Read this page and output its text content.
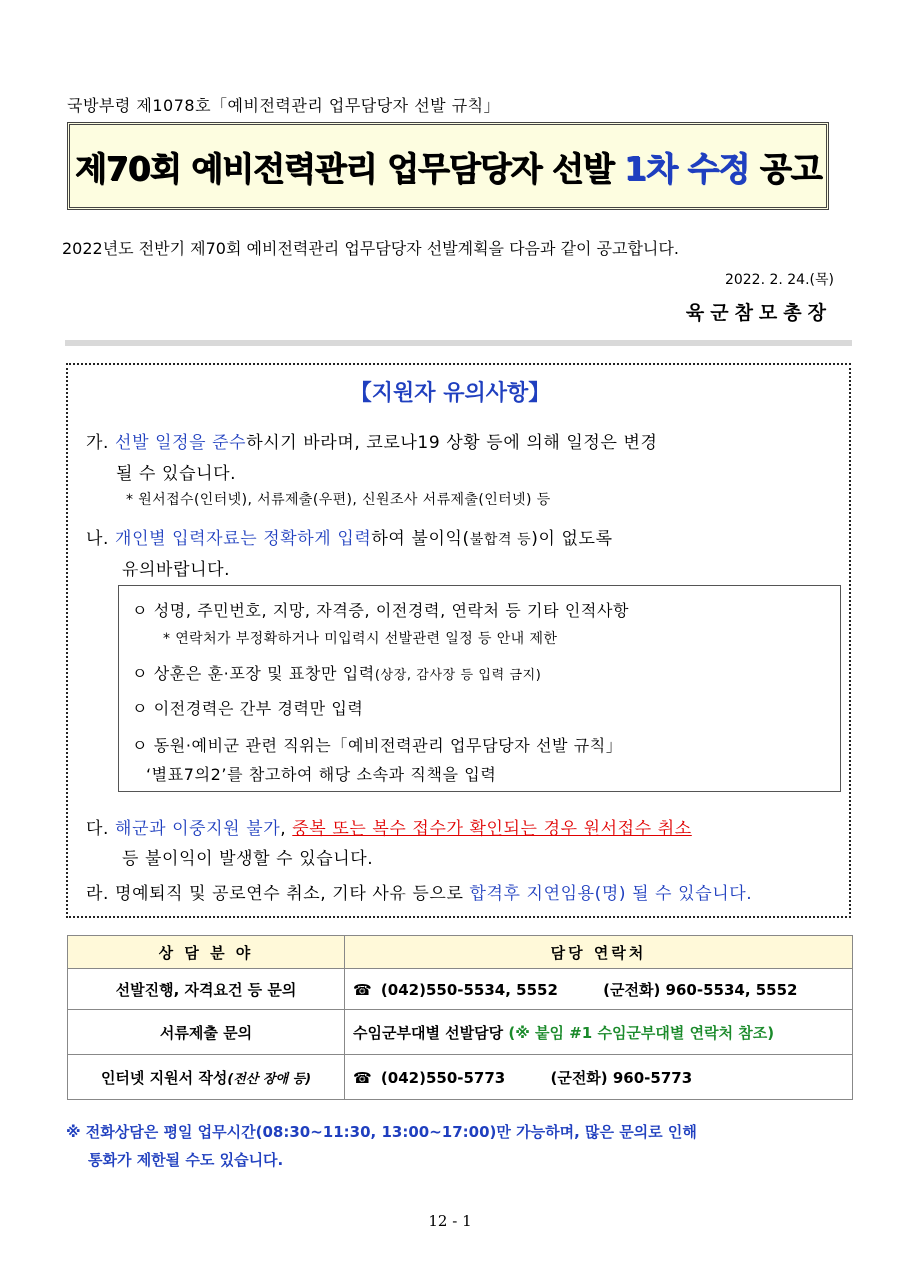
국방부령 제1078호「예비전력관리 업무담당자 선발 규칙」
제70회 예비전력관리 업무담당자 선발 1차 수정 공고
2022년도 전반기 제70회 예비전력관리 업무담당자 선발계획을 다음과 같이 공고합니다.
2022. 2. 24.(목)
육군참모총장
【지원자 유의사항】
가. 선발 일정을 준수하시기 바라며, 코로나19 상황 등에 의해 일정은 변경
될 수 있습니다.
* 원서접수(인터넷), 서류제출(우편), 신원조사 서류제출(인터넷) 등
나. 개인별 입력자료는 정확하게 입력하여 불이익(불합격 등)이 없도록
유의바랍니다.
ㅇ 성명, 주민번호, 지망, 자격증, 이전경력, 연락처 등 기타 인적사항
* 연락처가 부정확하거나 미입력시 선발관련 일정 등 안내 제한
ㅇ 상훈은 훈·포장 및 표창만 입력(상장, 감사장 등 입력 금지)
ㅇ 이전경력은 간부 경력만 입력
ㅇ 동원·예비군 관련 직위는「예비전력관리 업무담당자 선발 규칙」
‘별표7의2’를 참고하여 해당 소속과 직책을 입력
다. 해군과 이중지원 불가, 중복 또는 복수 접수가 확인되는 경우 원서접수 취소
등 불이익이 발생할 수 있습니다.
라. 명예퇴직 및 공로연수 취소, 기타 사유 등으로 합격후 지연임용(명) 될 수 있습니다.
상 담 분 야	담당 연락처
선발진행, 자격요건 등 문의	☎ (042)550-5534, 5552 (군전화) 960-5534, 5552
서류제출 문의	수임군부대별 선발담당 (※ 붙임 #1 수임군부대별 연락처 참조)
인터넷 지원서 작성(전산 장애 등)	☎ (042)550-5773 (군전화) 960-5773
※ 전화상담은 평일 업무시간(08:30~11:30, 13:00~17:00)만 가능하며, 많은 문의로 인해
통화가 제한될 수도 있습니다.
12 - 1
